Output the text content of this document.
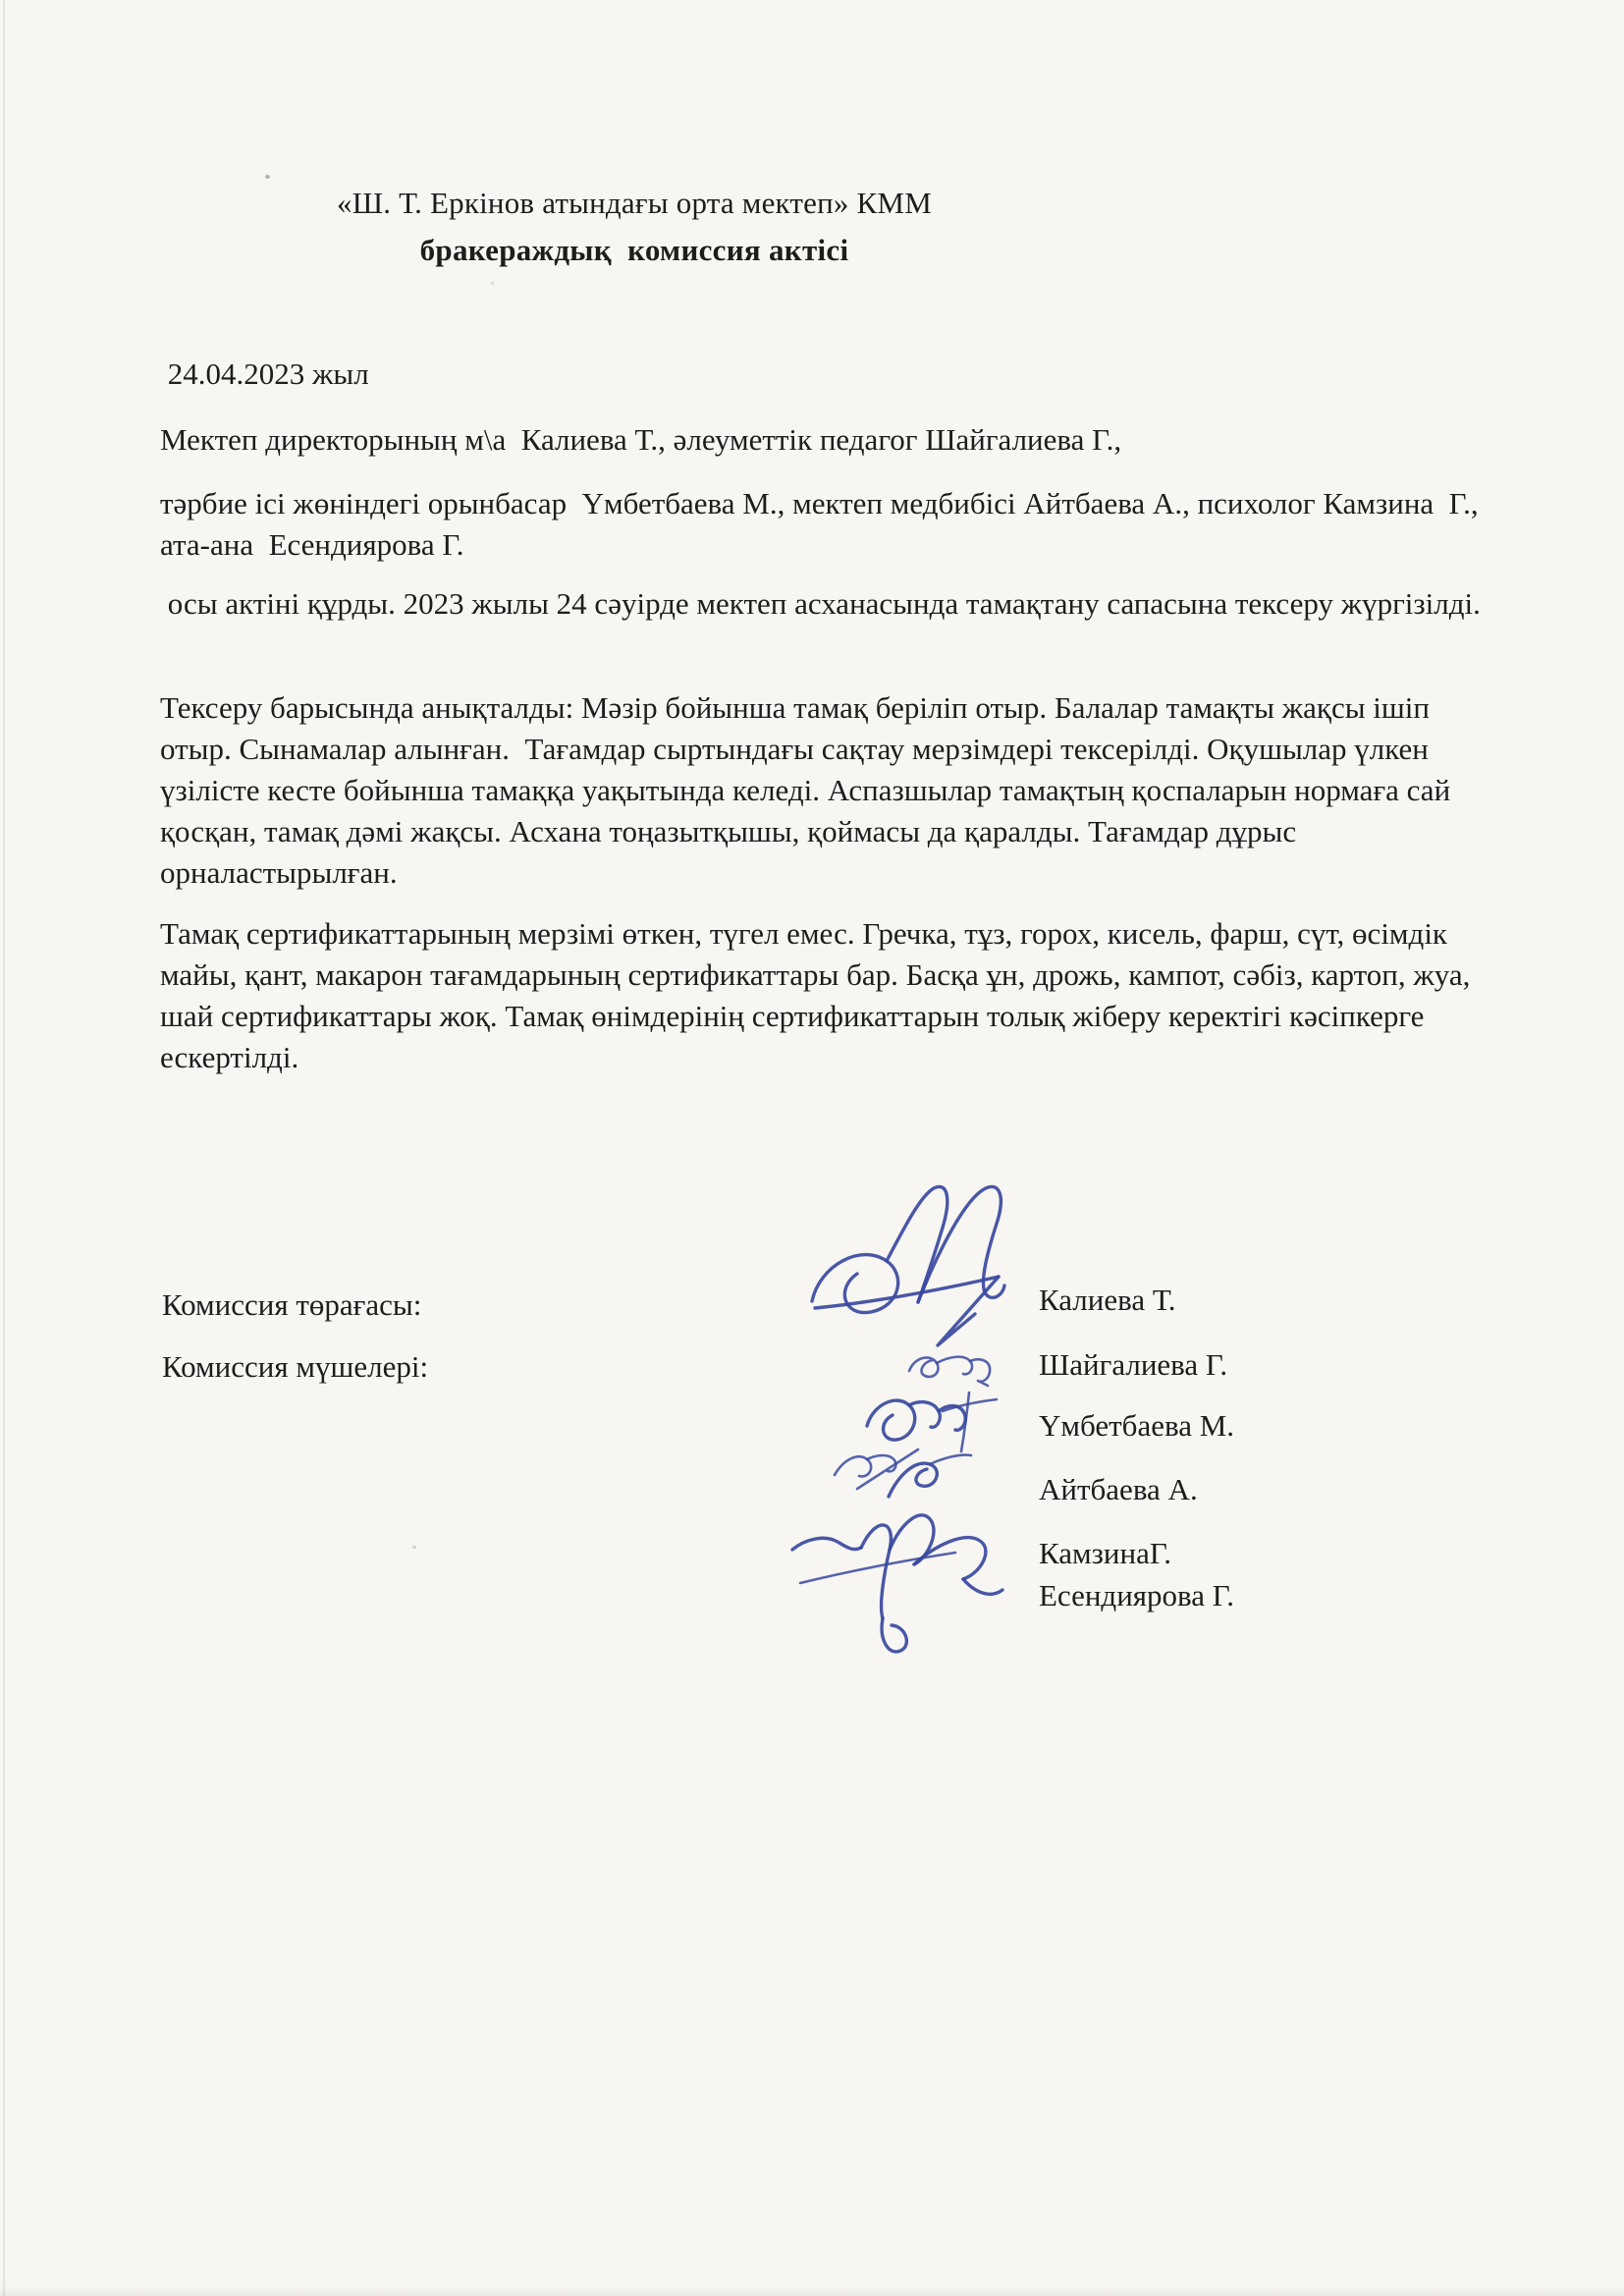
«Ш. Т. Еркінов атындағы орта мектеп» КММ
бракераждық  комиссия актісі
24.04.2023 жыл
Мектеп директорының м\а  Калиева Т., әлеуметтік педагог Шайгалиева Г.,
тәрбие ісі жөніндегі орынбасар  Үмбетбаева М., мектеп медбибісі Айтбаева А., психолог Камзина  Г.,  ата-ана  Есендиярова Г.
осы актіні құрды. 2023 жылы 24 сәуірде мектеп асханасында тамақтану сапасына тексеру жүргізілді.
Тексеру барысында анықталды: Мәзір бойынша тамақ беріліп отыр. Балалар тамақты жақсы ішіп отыр. Сынамалар алынған.  Тағамдар сыртындағы сақтау мерзімдері тексерілді. Оқушылар үлкен үзілісте кесте бойынша тамаққа уақытында келеді. Аспазшылар тамақтың қоспаларын нормаға сай қосқан, тамақ дәмі жақсы. Асхана тоңазытқышы, қоймасы да қаралды. Тағамдар дұрыс орналастырылған.
Тамақ сертификаттарының мерзімі өткен, түгел емес. Гречка, тұз, горох, кисель, фарш, сүт, өсімдік майы, қант, макарон тағамдарының сертификаттары бар. Басқа ұн, дрожь, кампот, сәбіз, картоп, жуа,  шай сертификаттары жоқ. Тамақ өнімдерінің сертификаттарын толық жіберу керектігі кәсіпкерге ескертілді.
Комиссия төрағасы:
Комиссия мүшелері:
Калиева Т.
Шайгалиева Г.
Үмбетбаева М.
Айтбаева А.
КамзинаГ.
Есендиярова Г.
